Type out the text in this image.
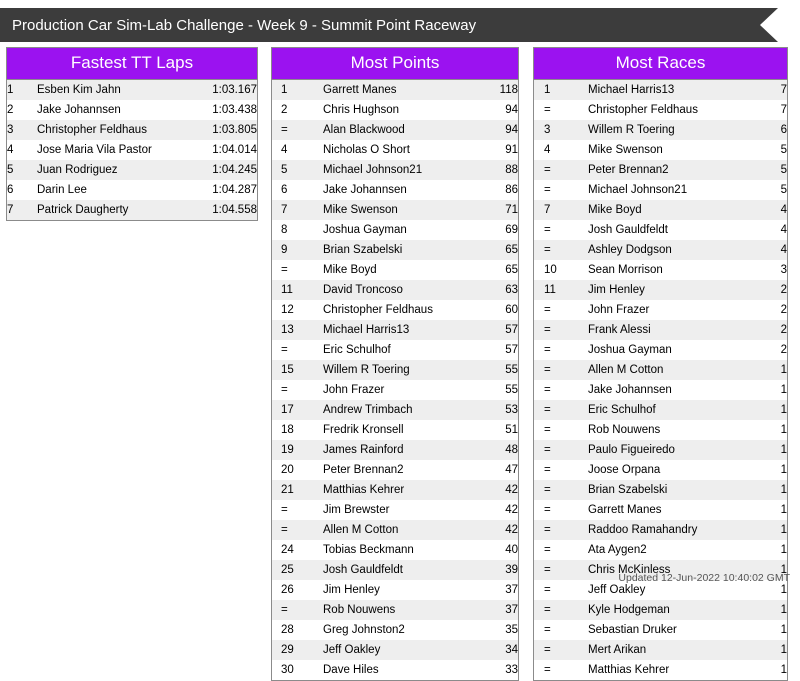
Production Car Sim-Lab Challenge - Week 9 - Summit Point Raceway
Fastest TT Laps
1	Esben Kim Jahn	1:03.167
2	Jake Johannsen	1:03.438
3	Christopher Feldhaus	1:03.805
4	Jose Maria Vila Pastor	1:04.014
5	Juan Rodriguez	1:04.245
6	Darin Lee	1:04.287
7	Patrick Daugherty	1:04.558
Most Points
1	Garrett Manes	118
2	Chris Hughson	94
=	Alan Blackwood	94
4	Nicholas O Short	91
5	Michael Johnson21	88
6	Jake Johannsen	86
7	Mike Swenson	71
8	Joshua Gayman	69
9	Brian Szabelski	65
=	Mike Boyd	65
11	David Troncoso	63
12	Christopher Feldhaus	60
13	Michael Harris13	57
=	Eric Schulhof	57
15	Willem R Toering	55
=	John Frazer	55
17	Andrew Trimbach	53
18	Fredrik Kronsell	51
19	James Rainford	48
20	Peter Brennan2	47
21	Matthias Kehrer	42
=	Jim Brewster	42
=	Allen M Cotton	42
24	Tobias Beckmann	40
25	Josh Gauldfeldt	39
26	Jim Henley	37
=	Rob Nouwens	37
28	Greg Johnston2	35
29	Jeff Oakley	34
30	Dave Hiles	33
Most Races
1	Michael Harris13	7
=	Christopher Feldhaus	7
3	Willem R Toering	6
4	Mike Swenson	5
=	Peter Brennan2	5
=	Michael Johnson21	5
7	Mike Boyd	4
=	Josh Gauldfeldt	4
=	Ashley Dodgson	4
10	Sean Morrison	3
11	Jim Henley	2
=	John Frazer	2
=	Frank Alessi	2
=	Joshua Gayman	2
=	Allen M Cotton	1
=	Jake Johannsen	1
=	Eric Schulhof	1
=	Rob Nouwens	1
=	Paulo Figueiredo	1
=	Joose Orpana	1
=	Brian Szabelski	1
=	Garrett Manes	1
=	Raddoo Ramahandry	1
=	Ata Aygen2	1
=	Chris McKinless	1
=	Jeff Oakley	1
=	Kyle Hodgeman	1
=	Sebastian Druker	1
=	Mert Arikan	1
=	Matthias Kehrer	1
Updated 12-Jun-2022 10:40:02 GMT
